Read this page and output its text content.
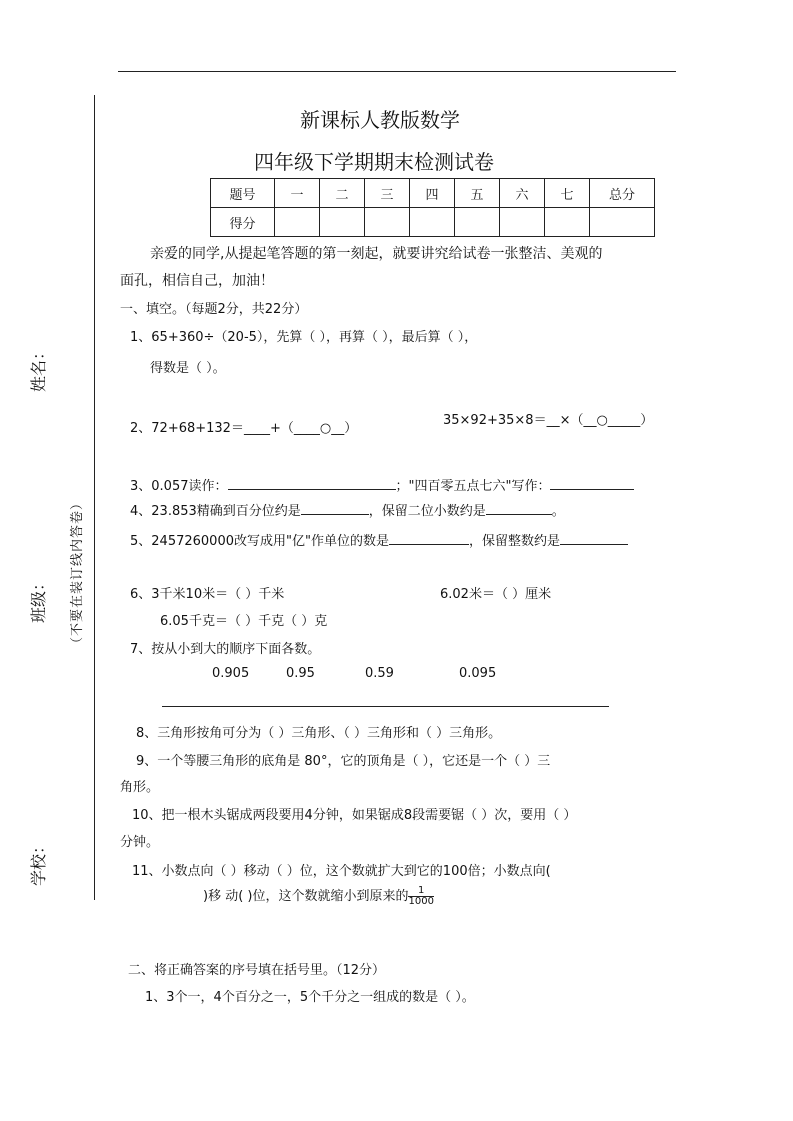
姓名：
班级：	（不要在装订线内答卷）
学校：
新课标人教版数学
四年级下学期期末检测试卷
题号	一	二	三	四	五	六	七	总分
得分								
亲爱的同学,从提起笔答题的第一刻起，就要讲究给试卷一张整洁、美观的
面孔，相信自己，加油！
一、填空。（每题2分，共22分）
1、65+360÷（20-5），先算（ ），再算（ ），最后算（ ），
得数是（ ）。
2、72+68+132＝____+（____○__）
35×92+35×8＝__×（__○_____）
3、0.057读作：	；"四百零五点七六"写作：
4、23.853精确到百分位约是	，保留二位小数约是	。
5、2457260000改写成用"亿"作单位的数是	，保留整数约是
6、3千米10米＝（ ）千米	6.02米＝（ ）厘米
6.05千克＝（ ）千克（ ）克
7、按从小到大的顺序下面各数。
0.905	0.95	0.59	0.095
8、三角形按角可分为（ ）三角形、（ ）三角形和（ ）三角形。
9、一个等腰三角形的底角是 80°，它的顶角是（ ），它还是一个（ ）三
角形。
10、把一根木头锯成两段要用4分钟，如果锯成8段需要锯（ ）次，要用（ ）
分钟。
11、小数点向（ ）移动（ ）位，这个数就扩大到它的100倍；小数点向(
)移 动( )位，这个数就缩小到原来的 $\frac{1}{1000}$
二、将正确答案的序号填在括号里。（12分）
1、3个一，4个百分之一，5个千分之一组成的数是（ ）。
